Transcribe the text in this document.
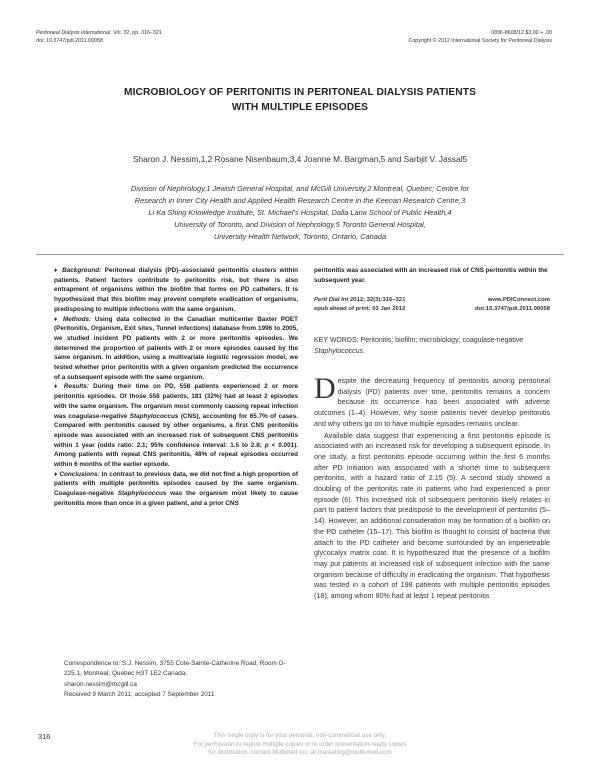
Peritoneal Dialysis International, Vol. 32, pp. 316–321
doi: 10.3747/pdi.2011.00058
0896-8608/12 $3.00 + .00
Copyright © 2012 International Society for Peritoneal Dialysis
MICROBIOLOGY OF PERITONITIS IN PERITONEAL DIALYSIS PATIENTS
WITH MULTIPLE EPISODES
Sharon J. Nessim,1,2 Rosane Nisenbaum,3,4 Joanne M. Bargman,5 and Sarbjit V. Jassal5
Division of Nephrology,1 Jewish General Hospital, and McGill University,2 Montreal, Quebec; Centre for
Research in Inner City Health and Applied Health Research Centre in the Keenan Research Centre,3
Li Ka Shing Knowledge Institute, St. Michael's Hospital, Dalla Lana School of Public Health,4
University of Toronto, and Division of Nephrology,5 Toronto General Hospital,
University Health Network, Toronto, Ontario, Canada

♦ Background: Peritoneal dialysis (PD)–associated peritonitis clusters within patients. Patient factors contribute to peritonitis risk, but there is also entrapment of organisms within the biofilm that forms on PD catheters. It is hypothesized that this biofilm may prevent complete eradication of organisms, predisposing to multiple infections with the same organism.

♦ Methods: Using data collected in the Canadian multicenter Baxter POET (Peritonitis, Organism, Exit sites, Tunnel infections) database from 1996 to 2005, we studied incident PD patients with 2 or more peritonitis episodes. We determined the proportion of patients with 2 or more episodes caused by the same organism. In addition, using a multivariate logistic regression model, we tested whether prior peritonitis with a given organism predicted the occurrence of a subsequent episode with the same organism.

♦ Results: During their time on PD, 558 patients experienced 2 or more peritonitis episodes. Of those 558 patients, 181 (32%) had at least 2 episodes with the same organism. The organism most commonly causing repeat infection was coagulase-negative Staphylococcus (CNS), accounting for 65.7% of cases. Compared with peritonitis caused by other organisms, a first CNS peritonitis episode was associated with an increased risk of subsequent CNS peritonitis within 1 year (odds ratio: 2.1; 95% confidence interval: 1.5 to 2.8; p < 0.001). Among patients with repeat CNS peritonitis, 48% of repeat episodes occurred within 6 months of the earlier episode.

♦ Conclusions: In contrast to previous data, we did not find a high proportion of patients with multiple peritonitis episodes caused by the same organism. Coagulase-negative Staphylococcus was the organism most likely to cause peritonitis more than once in a given patient, and a prior CNS

Correspondence to: S.J. Nessim, 3755 Cote-Sainte-Catherine Road, Room G-225.1, Montreal, Quebec H3T 1E2 Canada.

sharon.nessim@mcgill.ca

Received 9 March 2011; accepted 7 September 2011

peritonitis was associated with an increased risk of CNS peritonitis within the subsequent year.
Perit Dial Int 2012; 32(3):316–321	www.PDIConnect.com
epub ahead of print: 03 Jan 2012	doi:10.3747/pdi.2011.00058
KEY WORDS: Peritonitis; biofilm; microbiology; coagulase-negative Staphylococcus.

Despite the decreasing frequency of peritonitis among peritoneal dialysis (PD) patients over time, peritonitis remains a concern because its occurrence has been associated with adverse outcomes (1–4). However, why some patients never develop peritonitis and why others go on to have multiple episodes remains unclear.

Available data suggest that experiencing a first peritonitis episode is associated with an increased risk for developing a subsequent episode. In one study, a first peritonitis episode occurring within the first 6 months after PD initiation was associated with a shorter time to subsequent peritonitis, with a hazard ratio of 2.15 (5). A second study showed a doubling of the peritonitis rate in patients who had experienced a prior episode (6). This increased risk of subsequent peritonitis likely relates in part to patient factors that predispose to the development of peritonitis (5–14). However, an additional consideration may be formation of a biofilm on the PD catheter (15–17). This biofilm is thought to consist of bacteria that attach to the PD catheter and become surrounded by an impenetrable glycocalyx matrix coat. It is hypothesized that the presence of a biofilm may put patients at increased risk of subsequent infection with the same organism because of difficulty in eradicating the organism. That hypothesis was tested in a cohort of 198 patients with multiple peritonitis episodes (18), among whom 80% had at least 1 repeat peritonitis

316	This single copy is for your personal, non-commercial use only.
For permission to reprint multiple copies or to order presentation-ready copies
for distribution, contact Multimed Inc. at marketing@multi-med.com
